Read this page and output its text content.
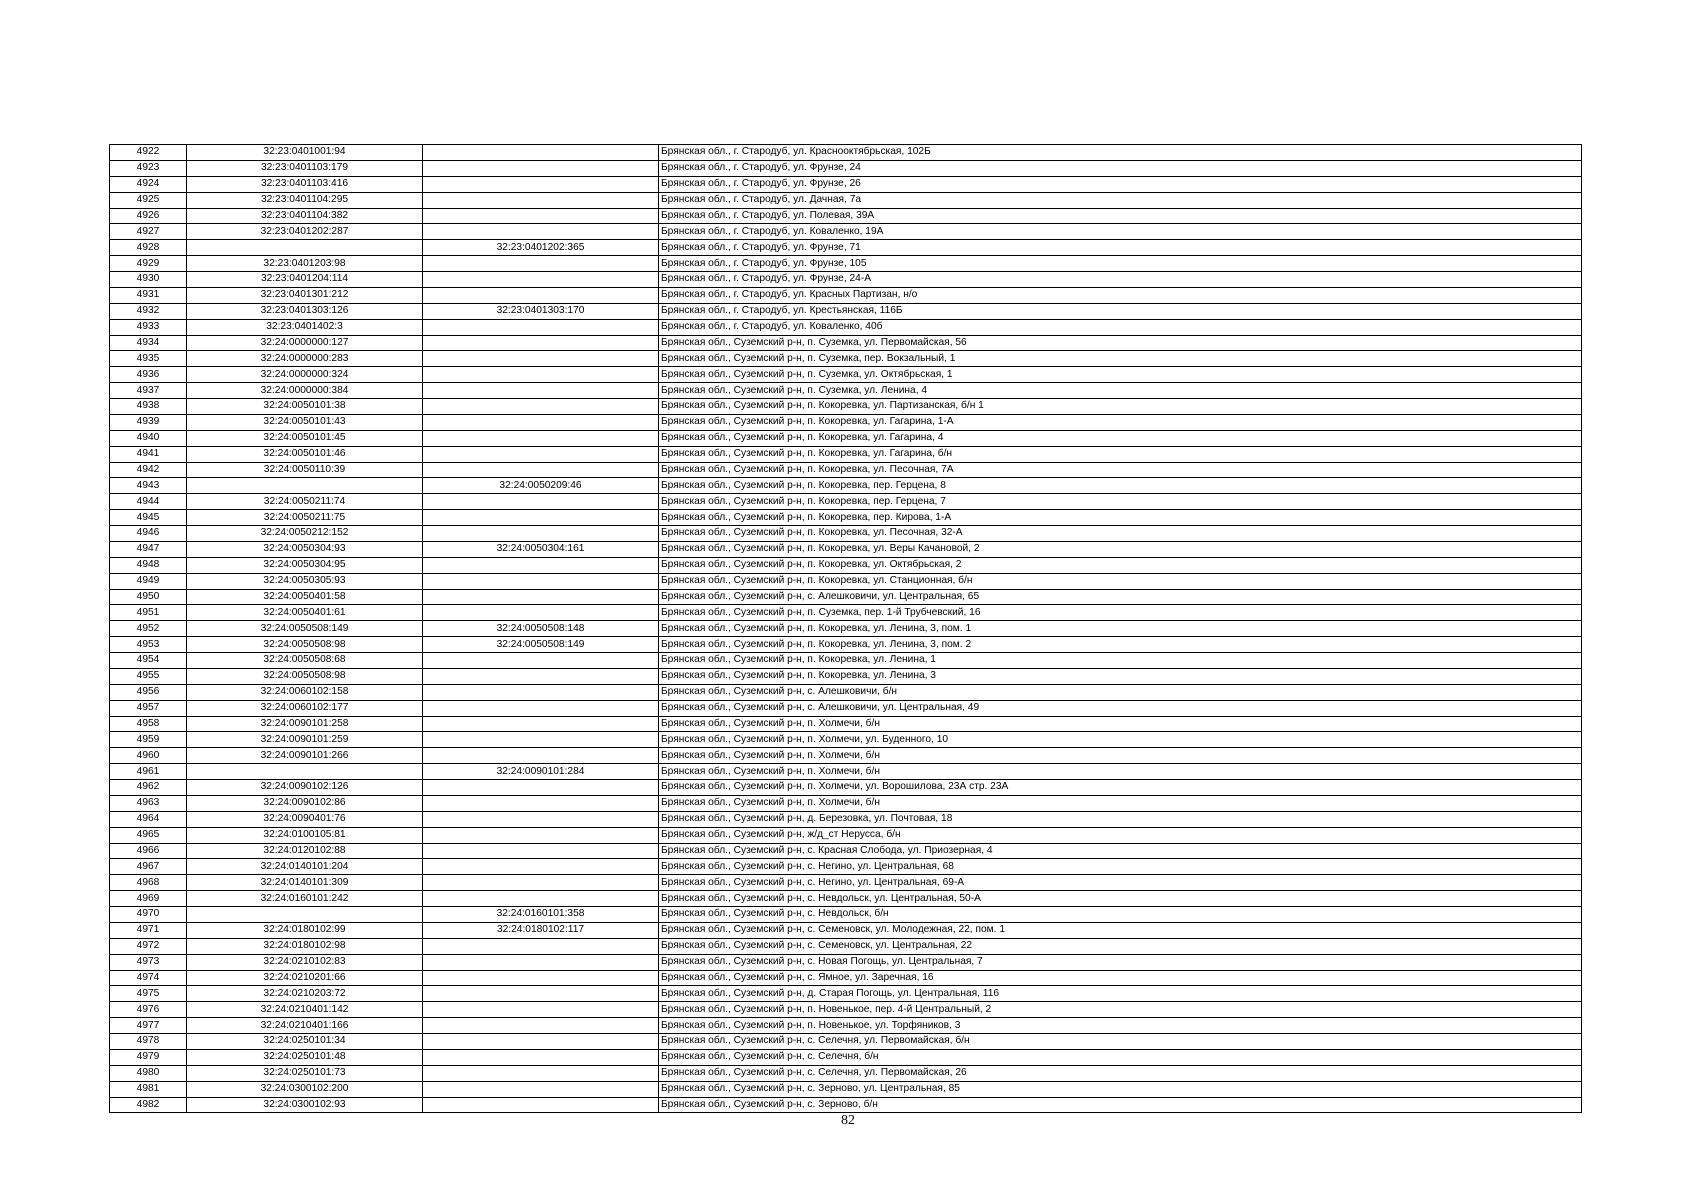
4922	32:23:0401001:94		Брянская обл., г. Стародуб, ул. Краснооктябрьская, 102Б
4923	32:23:0401103:179		Брянская обл., г. Стародуб, ул. Фрунзе, 24
4924	32:23:0401103:416		Брянская обл., г. Стародуб, ул. Фрунзе, 26
4925	32:23:0401104:295		Брянская обл., г. Стародуб, ул. Дачная, 7а
4926	32:23:0401104:382		Брянская обл., г. Стародуб, ул. Полевая, 39А
4927	32:23:0401202:287		Брянская обл., г. Стародуб, ул. Коваленко, 19А
4928		32:23:0401202:365	Брянская обл., г. Стародуб, ул. Фрунзе, 71
4929	32:23:0401203:98		Брянская обл., г. Стародуб, ул. Фрунзе, 105
4930	32:23:0401204:114		Брянская обл., г. Стародуб, ул. Фрунзе, 24-А
4931	32:23:0401301:212		Брянская обл., г. Стародуб, ул. Красных Партизан, н/о
4932	32:23:0401303:126	32:23:0401303:170	Брянская обл., г. Стародуб, ул. Крестьянская, 116Б
4933	32:23:0401402:3		Брянская обл., г. Стародуб, ул. Коваленко, 40б
4934	32:24:0000000:127		Брянская обл., Суземский р-н, п. Суземка, ул. Первомайская, 56
4935	32:24:0000000:283		Брянская обл., Суземский р-н, п. Суземка, пер. Вокзальный, 1
4936	32:24:0000000:324		Брянская обл., Суземский р-н, п. Суземка, ул. Октябрьская, 1
4937	32:24:0000000:384		Брянская обл., Суземский р-н, п. Суземка, ул. Ленина, 4
4938	32:24:0050101:38		Брянская обл., Суземский р-н, п. Кокоревка, ул. Партизанская, б/н 1
4939	32:24:0050101:43		Брянская обл., Суземский р-н, п. Кокоревка, ул. Гагарина, 1-А
4940	32:24:0050101:45		Брянская обл., Суземский р-н, п. Кокоревка, ул. Гагарина, 4
4941	32:24:0050101:46		Брянская обл., Суземский р-н, п. Кокоревка, ул. Гагарина, б/н
4942	32:24:0050110:39		Брянская обл., Суземский р-н, п. Кокоревка, ул. Песочная, 7А
4943		32:24:0050209:46	Брянская обл., Суземский р-н, п. Кокоревка, пер. Герцена, 8
4944	32:24:0050211:74		Брянская обл., Суземский р-н, п. Кокоревка, пер. Герцена, 7
4945	32:24:0050211:75		Брянская обл., Суземский р-н, п. Кокоревка, пер. Кирова, 1-А
4946	32:24:0050212:152		Брянская обл., Суземский р-н, п. Кокоревка, ул. Песочная, 32-А
4947	32:24:0050304:93	32:24:0050304:161	Брянская обл., Суземский р-н, п. Кокоревка, ул. Веры Качановой, 2
4948	32:24:0050304:95		Брянская обл., Суземский р-н, п. Кокоревка, ул. Октябрьская, 2
4949	32:24:0050305:93		Брянская обл., Суземский р-н, п. Кокоревка, ул. Станционная, б/н
4950	32:24:0050401:58		Брянская обл., Суземский р-н, с. Алешковичи, ул. Центральная, 65
4951	32:24:0050401:61		Брянская обл., Суземский р-н, п. Суземка, пер. 1-й Трубчевский, 16
4952	32:24:0050508:149	32:24:0050508:148	Брянская обл., Суземский р-н, п. Кокоревка, ул. Ленина, 3, пом. 1
4953	32:24:0050508:98	32:24:0050508:149	Брянская обл., Суземский р-н, п. Кокоревка, ул. Ленина, 3, пом. 2
4954	32:24:0050508:68		Брянская обл., Суземский р-н, п. Кокоревка, ул. Ленина, 1
4955	32:24:0050508:98		Брянская обл., Суземский р-н, п. Кокоревка, ул. Ленина, 3
4956	32:24:0060102:158		Брянская обл., Суземский р-н, с. Алешковичи, б/н
4957	32:24:0060102:177		Брянская обл., Суземский р-н, с. Алешковичи, ул. Центральная, 49
4958	32:24:0090101:258		Брянская обл., Суземский р-н, п. Холмечи, б/н
4959	32:24:0090101:259		Брянская обл., Суземский р-н, п. Холмечи, ул. Буденного, 10
4960	32:24:0090101:266		Брянская обл., Суземский р-н, п. Холмечи, б/н
4961		32:24:0090101:284	Брянская обл., Суземский р-н, п. Холмечи, б/н
4962	32:24:0090102:126		Брянская обл., Суземский р-н, п. Холмечи, ул. Ворошилова, 23А стр. 23А
4963	32:24:0090102:86		Брянская обл., Суземский р-н, п. Холмечи, б/н
4964	32:24:0090401:76		Брянская обл., Суземский р-н, д. Березовка, ул. Почтовая, 18
4965	32:24:0100105:81		Брянская обл., Суземский р-н, ж/д_ст Нерусса, б/н
4966	32:24:0120102:88		Брянская обл., Суземский р-н, с. Красная Слобода, ул. Приозерная, 4
4967	32:24:0140101:204		Брянская обл., Суземский р-н, с. Негино, ул. Центральная, 68
4968	32:24:0140101:309		Брянская обл., Суземский р-н, с. Негино, ул. Центральная, 69-А
4969	32:24:0160101:242		Брянская обл., Суземский р-н, с. Невдольск, ул. Центральная, 50-А
4970		32:24:0160101:358	Брянская обл., Суземский р-н, с. Невдольск, б/н
4971	32:24:0180102:99	32:24:0180102:117	Брянская обл., Суземский р-н, с. Семеновск, ул. Молодежная, 22, пом. 1
4972	32:24:0180102:98		Брянская обл., Суземский р-н, с. Семеновск, ул. Центральная, 22
4973	32:24:0210102:83		Брянская обл., Суземский р-н, с. Новая Погощь, ул. Центральная, 7
4974	32:24:0210201:66		Брянская обл., Суземский р-н, с. Ямное, ул. Заречная, 16
4975	32:24:0210203:72		Брянская обл., Суземский р-н, д. Старая Погощь, ул. Центральная, 116
4976	32:24:0210401:142		Брянская обл., Суземский р-н, п. Новенькое, пер. 4-й Центральный, 2
4977	32:24:0210401:166		Брянская обл., Суземский р-н, п. Новенькое, ул. Торфяников, 3
4978	32:24:0250101:34		Брянская обл., Суземский р-н, с. Селечня, ул. Первомайская, б/н
4979	32:24:0250101:48		Брянская обл., Суземский р-н, с. Селечня, б/н
4980	32:24:0250101:73		Брянская обл., Суземский р-н, с. Селечня, ул. Первомайская, 26
4981	32:24:0300102:200		Брянская обл., Суземский р-н, с. Зерново, ул. Центральная, 85
4982	32:24:0300102:93		Брянская обл., Суземский р-н, с. Зерново, б/н
82
